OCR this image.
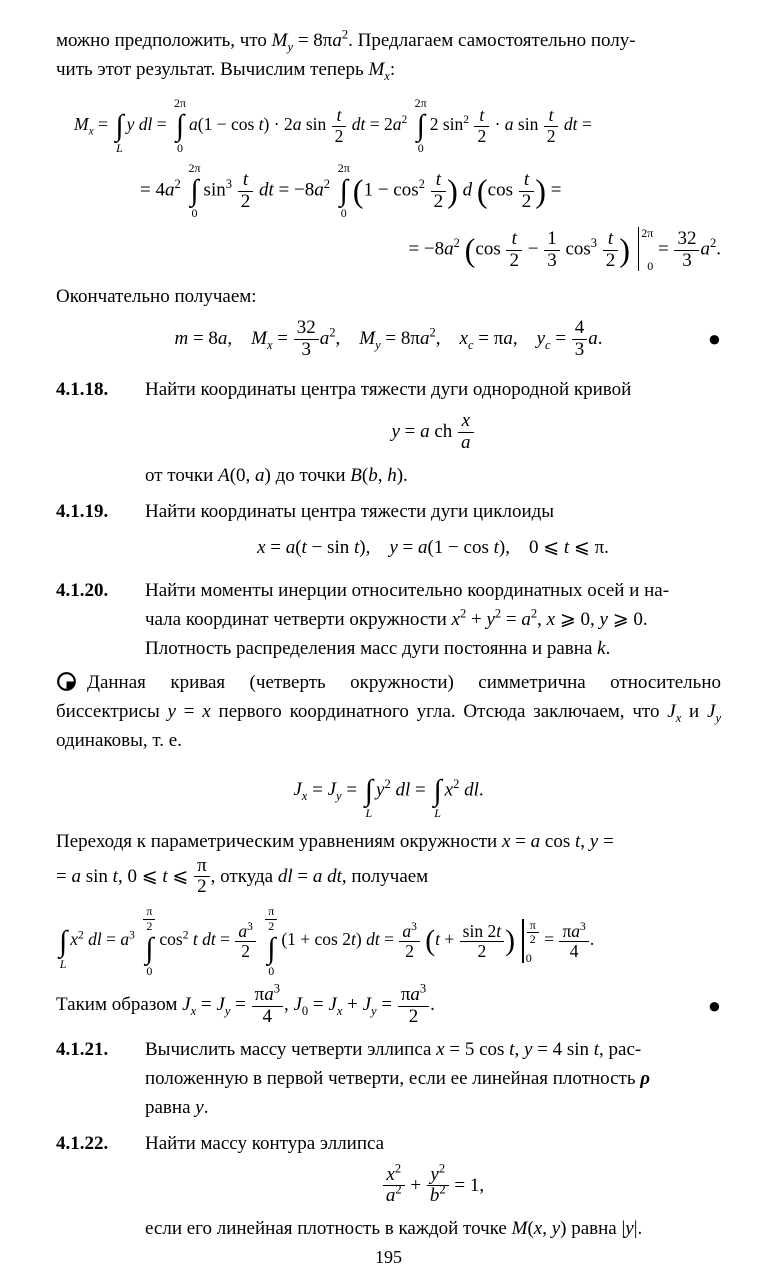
можно предположить, что $M_y = 8\pi a^2$. Предлагаем самостоятельно полу-
чить этот результат. Вычислим теперь $M_x$:

$M_x$ =
∫
L
y dl =
2π
∫
0
a(1 − cos t) · 2a $\sin \frac{t}{2}$ dt = $2a^2$
2π
∫
0
2 $\sin^2 \frac{t}{2} \cdot a$ $\sin \frac{t}{2}$ dt =
= $4a^2$
2π
∫
0
$\sin^3 \frac{t}{2}$ dt = $-8a^2$
2π
∫
0
($1 - \cos^2 \frac{t}{2}$ ) d ($\cos \frac{t}{2}$ ) =
= $-8a^2$ ($\cos \frac{t}{2} - \frac{1}{3} \cos^3 \frac{t}{2}$ ) 2π
0
= $\frac{32}{3} a^2$.

Окончательно получаем:

m = 8a, $M_x = \frac{32}{3} a^2$, $M_y = 8\pi a^2$, $x_c = \pi a$, $y_c = \frac{4}{3} a$.	●
4.1.18.	Найти координаты центра тяжести дуги однородной кривой
y = a ch $\frac{x}{a}$
от точки A(0, a) до точки B(b, h).
4.1.19.	Найти координаты центра тяжести дуги циклоиды
x = a(t − sin t), y = a(1 − cos t), 0 ⩽ t ⩽ π.
4.1.20.	Найти моменты инерции относительно координатных осей и на-
чала координат четверти окружности $x^2 + y^2 = a^2$, x ⩾ 0, y ⩾ 0.
Плотность распределения масс дуги постоянна и равна k.

Данная кривая (четверть окружности) симметрична относительно биссектрисы y = x первого координатного угла. Отсюда заключаем, что $J_x$ и $J_y$ одинаковы, т. е.

$J_x = J_y$ =
∫
L
$y^2$ dl =
∫
L
$x^2$ dl.

Переходя к параметрическим уравнениям окружности x = a cos t, y =
= a sin t, 0 ⩽ t ⩽ $\frac{\pi}{2}$ , откуда dl = a dt, получаем

∫
L
$x^2$ dl = $a^3$
$\frac{\pi}{2}$
∫
0
$\cos^2 t$ dt = $\frac{a^3}{2}$

$\frac{\pi}{2}$
∫
0
(1 + cos 2t) dt = $\frac{a^3}{2} (t + \frac{\sin 2t}{2}$ ) $\frac{\pi}{2}$
0
= $\frac{\pi a^3}{4}$ .

Таким образом $J_x = J_y = \frac{\pi a^3}{4}$ , $J_0 = J_x + J_y = \frac{\pi a^3}{2}$ .	●

4.1.21.	Вычислить массу четверти эллипса x = 5 cos t, y = 4 sin t, рас-
положенную в первой четверти, если ее линейная плотность ρ
равна y.
4.1.22.	Найти массу контура эллипса
$\frac{x^2}{a^2} + \frac{y^2}{b^2} = 1$,
если его линейная плотность в каждой точке M(x, y) равна |y|.
195
